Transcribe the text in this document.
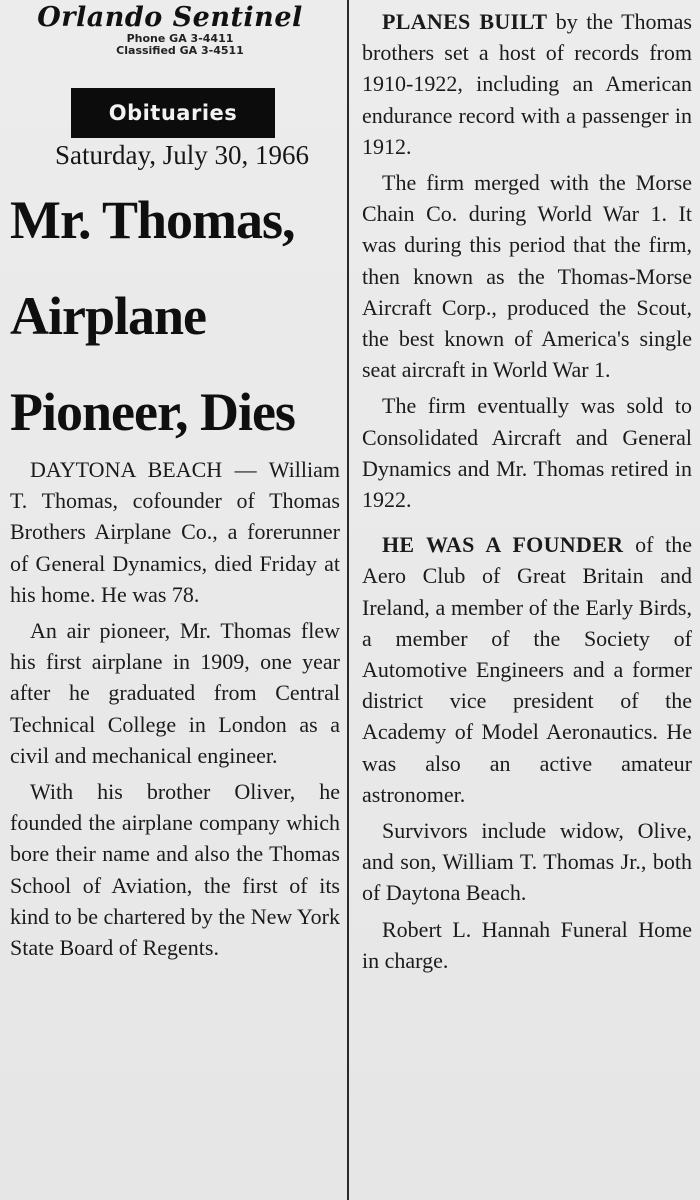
Orlando Sentinel
Phone GA 3-4411
Classified GA 3-4511
Obituaries
Saturday, July 30, 1966
Mr. Thomas,
Airplane
Pioneer, Dies

DAYTONA BEACH — William T. Thomas, cofounder of Thomas Brothers Airplane Co., a forerunner of General Dynamics, died Friday at his home. He was 78.

An air pioneer, Mr. Thomas flew his first airplane in 1909, one year after he graduated from Central Technical College in London as a civil and mechanical engineer.

With his brother Oliver, he founded the airplane company which bore their name and also the Thomas School of Aviation, the first of its kind to be chartered by the New York State Board of Regents.

PLANES BUILT by the Thomas brothers set a host of records from 1910-1922, including an American endurance record with a passenger in 1912.

The firm merged with the Morse Chain Co. during World War 1. It was during this period that the firm, then known as the Thomas-Morse Aircraft Corp., produced the Scout, the best known of America's single seat aircraft in World War 1.

The firm eventually was sold to Consolidated Aircraft and General Dynamics and Mr. Thomas retired in 1922.

HE WAS A FOUNDER of the Aero Club of Great Britain and Ireland, a member of the Early Birds, a member of the Society of Automotive Engineers and a former district vice president of the Academy of Model Aeronautics. He was also an active amateur astronomer.

Survivors include widow, Olive, and son, William T. Thomas Jr., both of Daytona Beach.

Robert L. Hannah Funeral Home in charge.
